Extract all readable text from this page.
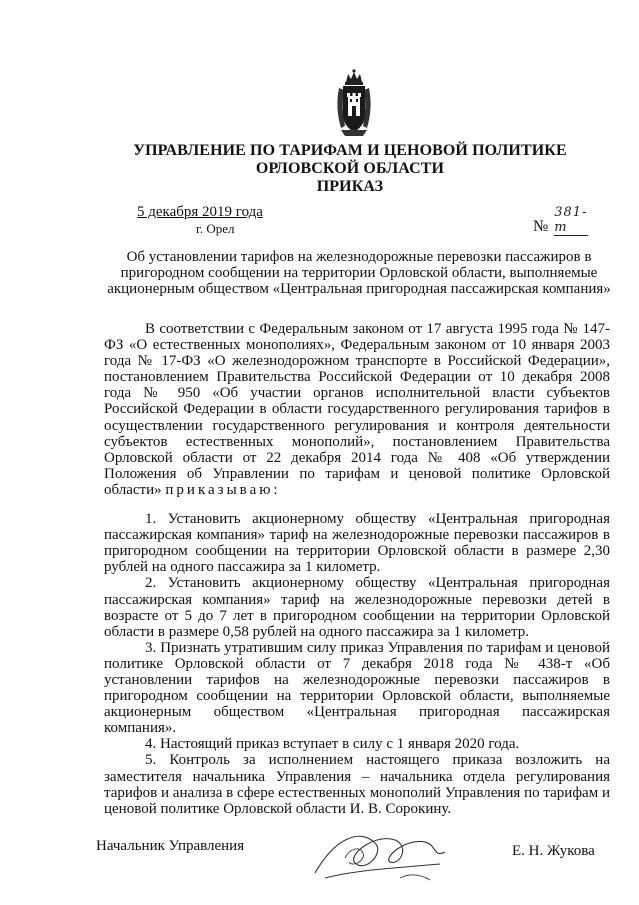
УПРАВЛЕНИЕ ПО ТАРИФАМ И ЦЕНОВОЙ ПОЛИТИКЕ
ОРЛОВСКОЙ ОБЛАСТИ
ПРИКАЗ
5 декабря 2019 года
г. Орел	№381-т
Об установлении тарифов на железнодорожные перевозки пассажиров в пригородном сообщении на территории Орловской области, выполняемые акционерным обществом «Центральная пригородная пассажирская компания»

В соответствии с Федеральным законом от 17 августа 1995 года № 147-ФЗ «О естественных монополиях», Федеральным законом от 10 января 2003 года № 17-ФЗ «О железнодорожном транспорте в Российской Федерации», постановлением Правительства Российской Федерации от 10 декабря 2008 года № 950 «Об участии органов исполнительной власти субъектов Российской Федерации в области государственного регулирования тарифов в осуществлении государственного регулирования и контроля деятельности субъектов естественных монополий», постановлением Правительства Орловской области от 22 декабря 2014 года № 408 «Об утверждении Положения об Управлении по тарифам и ценовой политике Орловской области» приказываю:

1. Установить акционерному обществу «Центральная пригородная пассажирская компания» тариф на железнодорожные перевозки пассажиров в пригородном сообщении на территории Орловской области в размере 2,30 рублей на одного пассажира за 1 километр.

2. Установить акционерному обществу «Центральная пригородная пассажирская компания» тариф на железнодорожные перевозки детей в возрасте от 5 до 7 лет в пригородном сообщении на территории Орловской области в размере 0,58 рублей на одного пассажира за 1 километр.

3. Признать утратившим силу приказ Управления по тарифам и ценовой политике Орловской области от 7 декабря 2018 года № 438-т «Об установлении тарифов на железнодорожные перевозки пассажиров в пригородном сообщении на территории Орловской области, выполняемые акционерным обществом «Центральная пригородная пассажирская компания».

4. Настоящий приказ вступает в силу с 1 января 2020 года.

5. Контроль за исполнением настоящего приказа возложить на заместителя начальника Управления – начальника отдела регулирования тарифов и анализа в сфере естественных монополий Управления по тарифам и ценовой политике Орловской области И. В. Сорокину.

Начальник Управления	Е. Н. Жукова
